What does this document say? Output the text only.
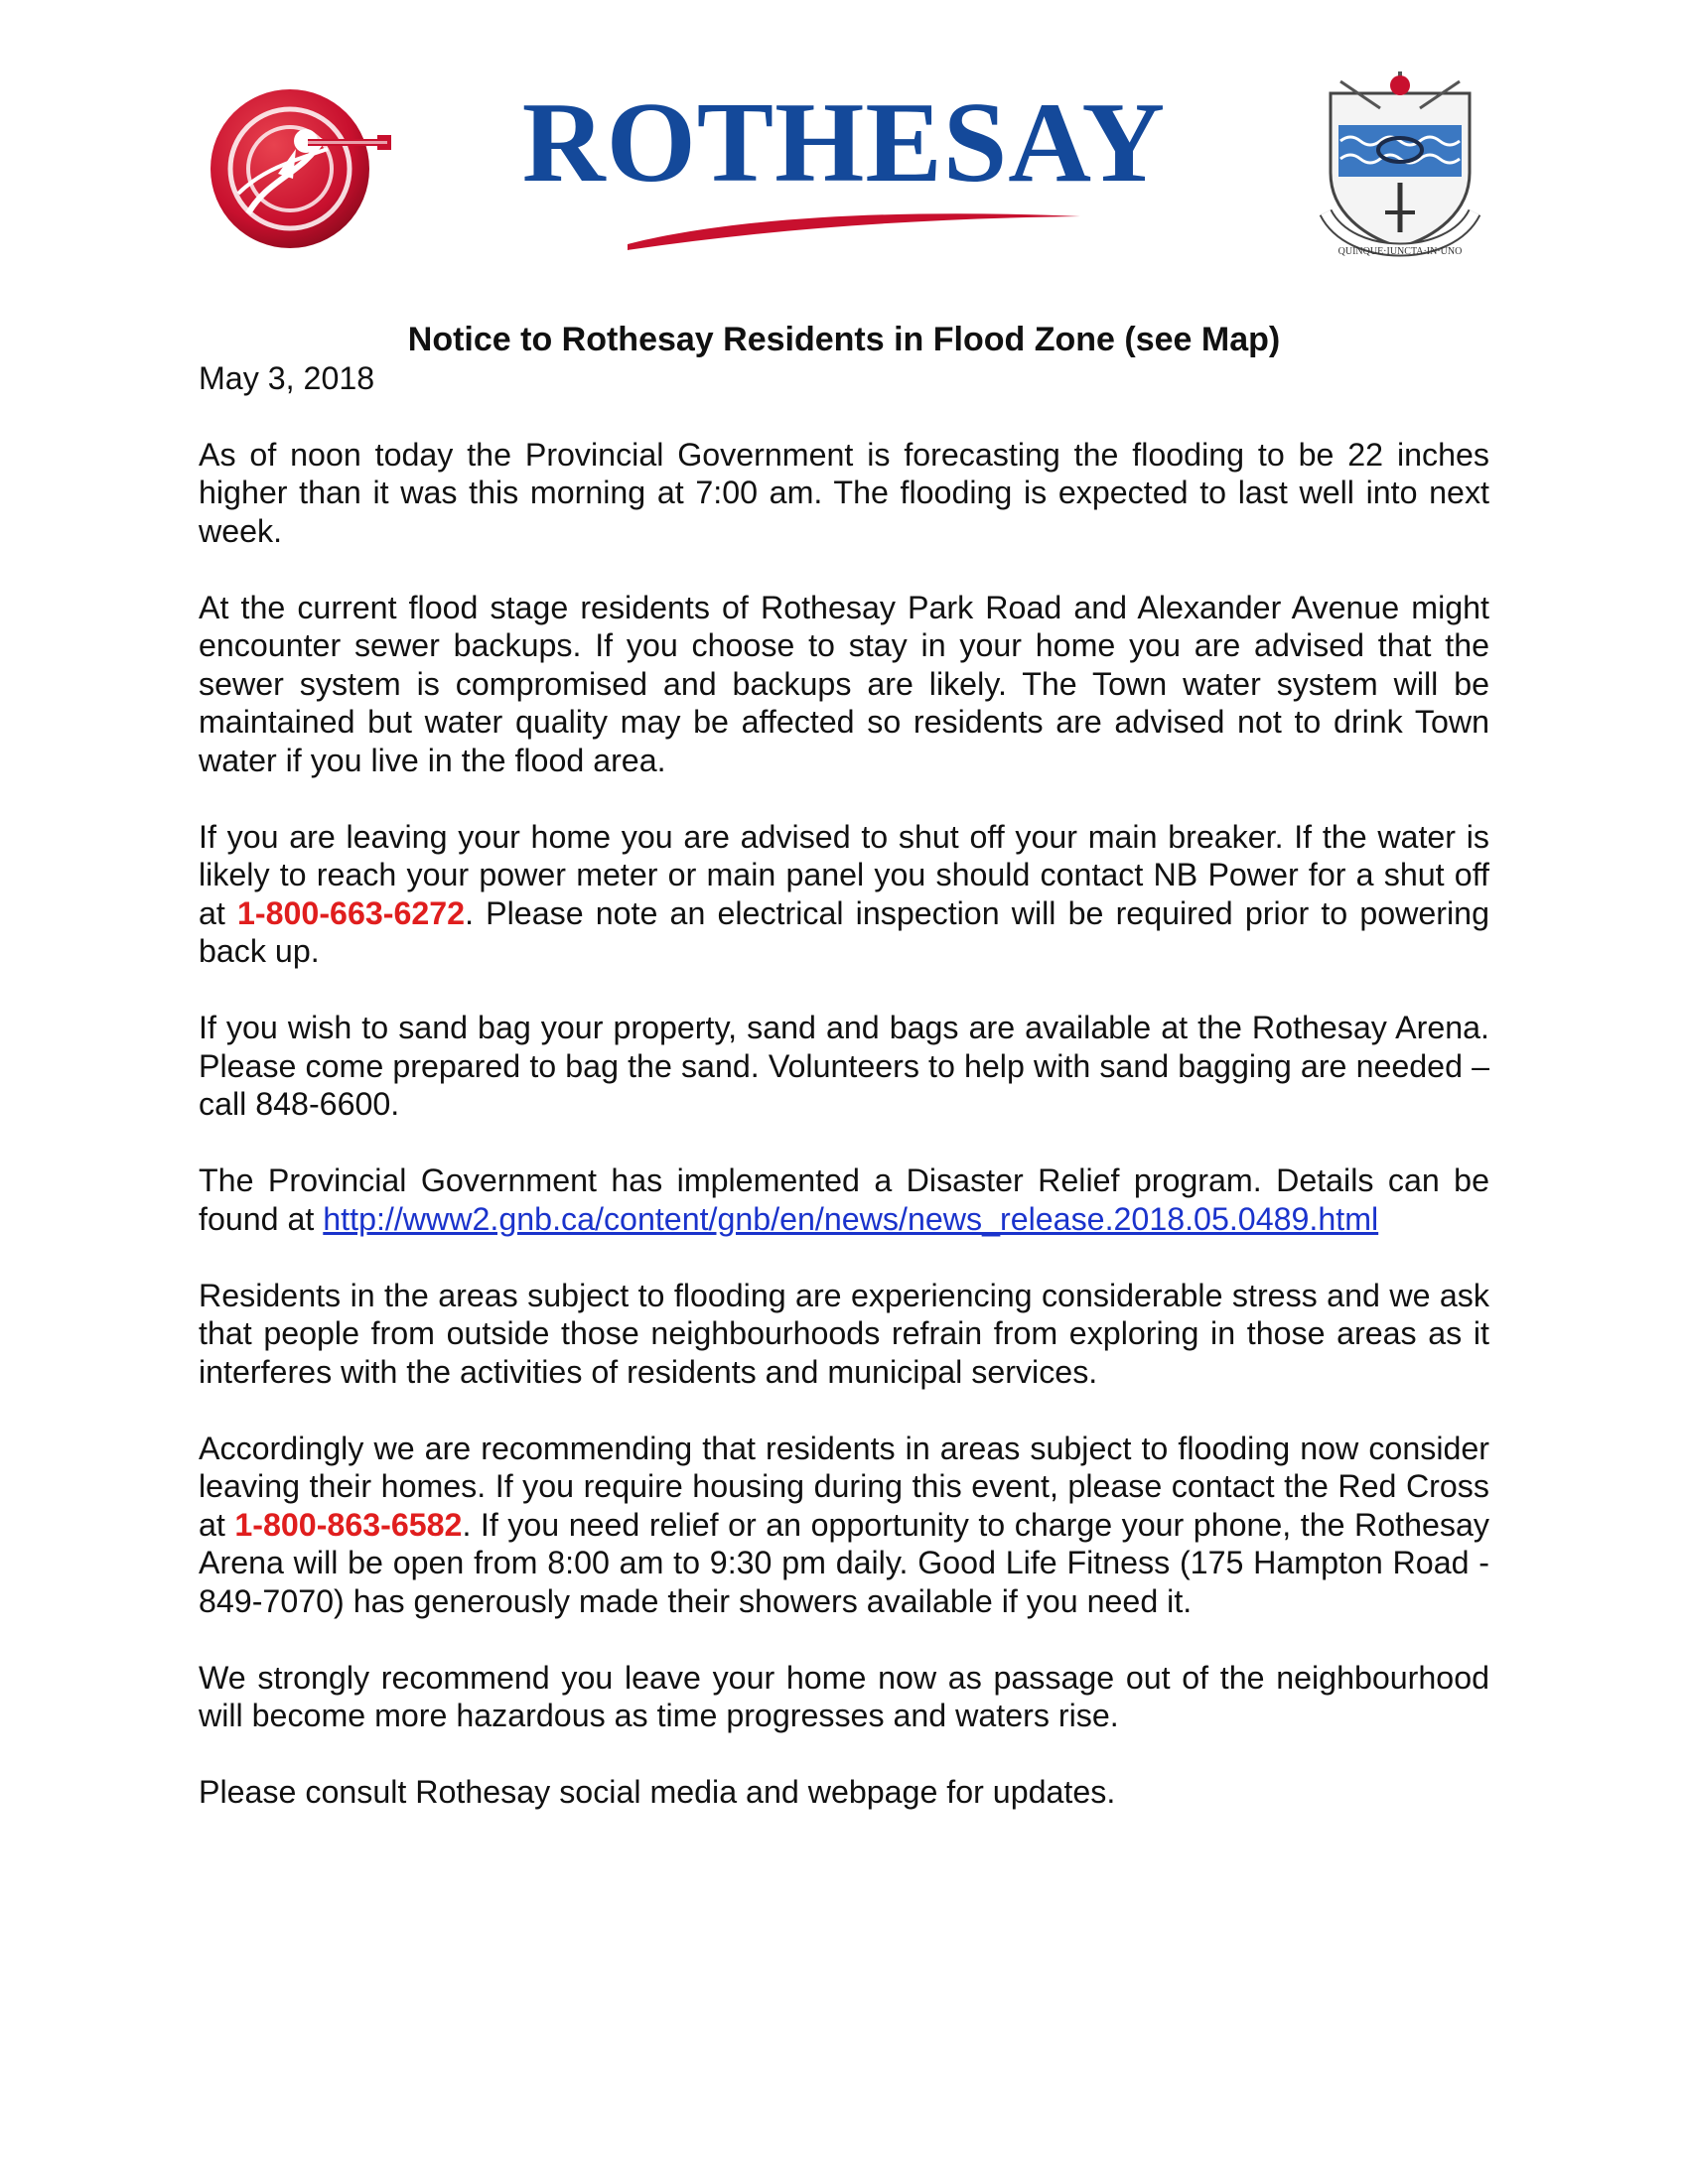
ROTHESAY
QUINQUE·IUNCTA·IN·UNO

Notice to Rothesay Residents in Flood Zone (see Map)

May 3, 2018

As of noon today the Provincial Government is forecasting the flooding to be 22 inches higher than it was this morning at 7:00 am. The flooding is expected to last well into next week.

At the current flood stage residents of Rothesay Park Road and Alexander Avenue might encounter sewer backups. If you choose to stay in your home you are advised that the sewer system is compromised and backups are likely. The Town water system will be maintained but water quality may be affected so residents are advised not to drink Town water if you live in the flood area.

If you are leaving your home you are advised to shut off your main breaker. If the water is likely to reach your power meter or main panel you should contact NB Power for a shut off at 1-800-663-6272. Please note an electrical inspection will be required prior to powering back up.

If you wish to sand bag your property, sand and bags are available at the Rothesay Arena. Please come prepared to bag the sand. Volunteers to help with sand bagging are needed – call 848-6600.

The Provincial Government has implemented a Disaster Relief program. Details can be found at http://www2.gnb.ca/content/gnb/en/news/news_release.2018.05.0489.html

Residents in the areas subject to flooding are experiencing considerable stress and we ask that people from outside those neighbourhoods refrain from exploring in those areas as it interferes with the activities of residents and municipal services.

Accordingly we are recommending that residents in areas subject to flooding now consider leaving their homes. If you require housing during this event, please contact the Red Cross at 1-800-863-6582. If you need relief or an opportunity to charge your phone, the Rothesay Arena will be open from 8:00 am to 9:30 pm daily. Good Life Fitness (175 Hampton Road - 849-7070) has generously made their showers available if you need it.

We strongly recommend you leave your home now as passage out of the neighbourhood will become more hazardous as time progresses and waters rise.

Please consult Rothesay social media and webpage for updates.
